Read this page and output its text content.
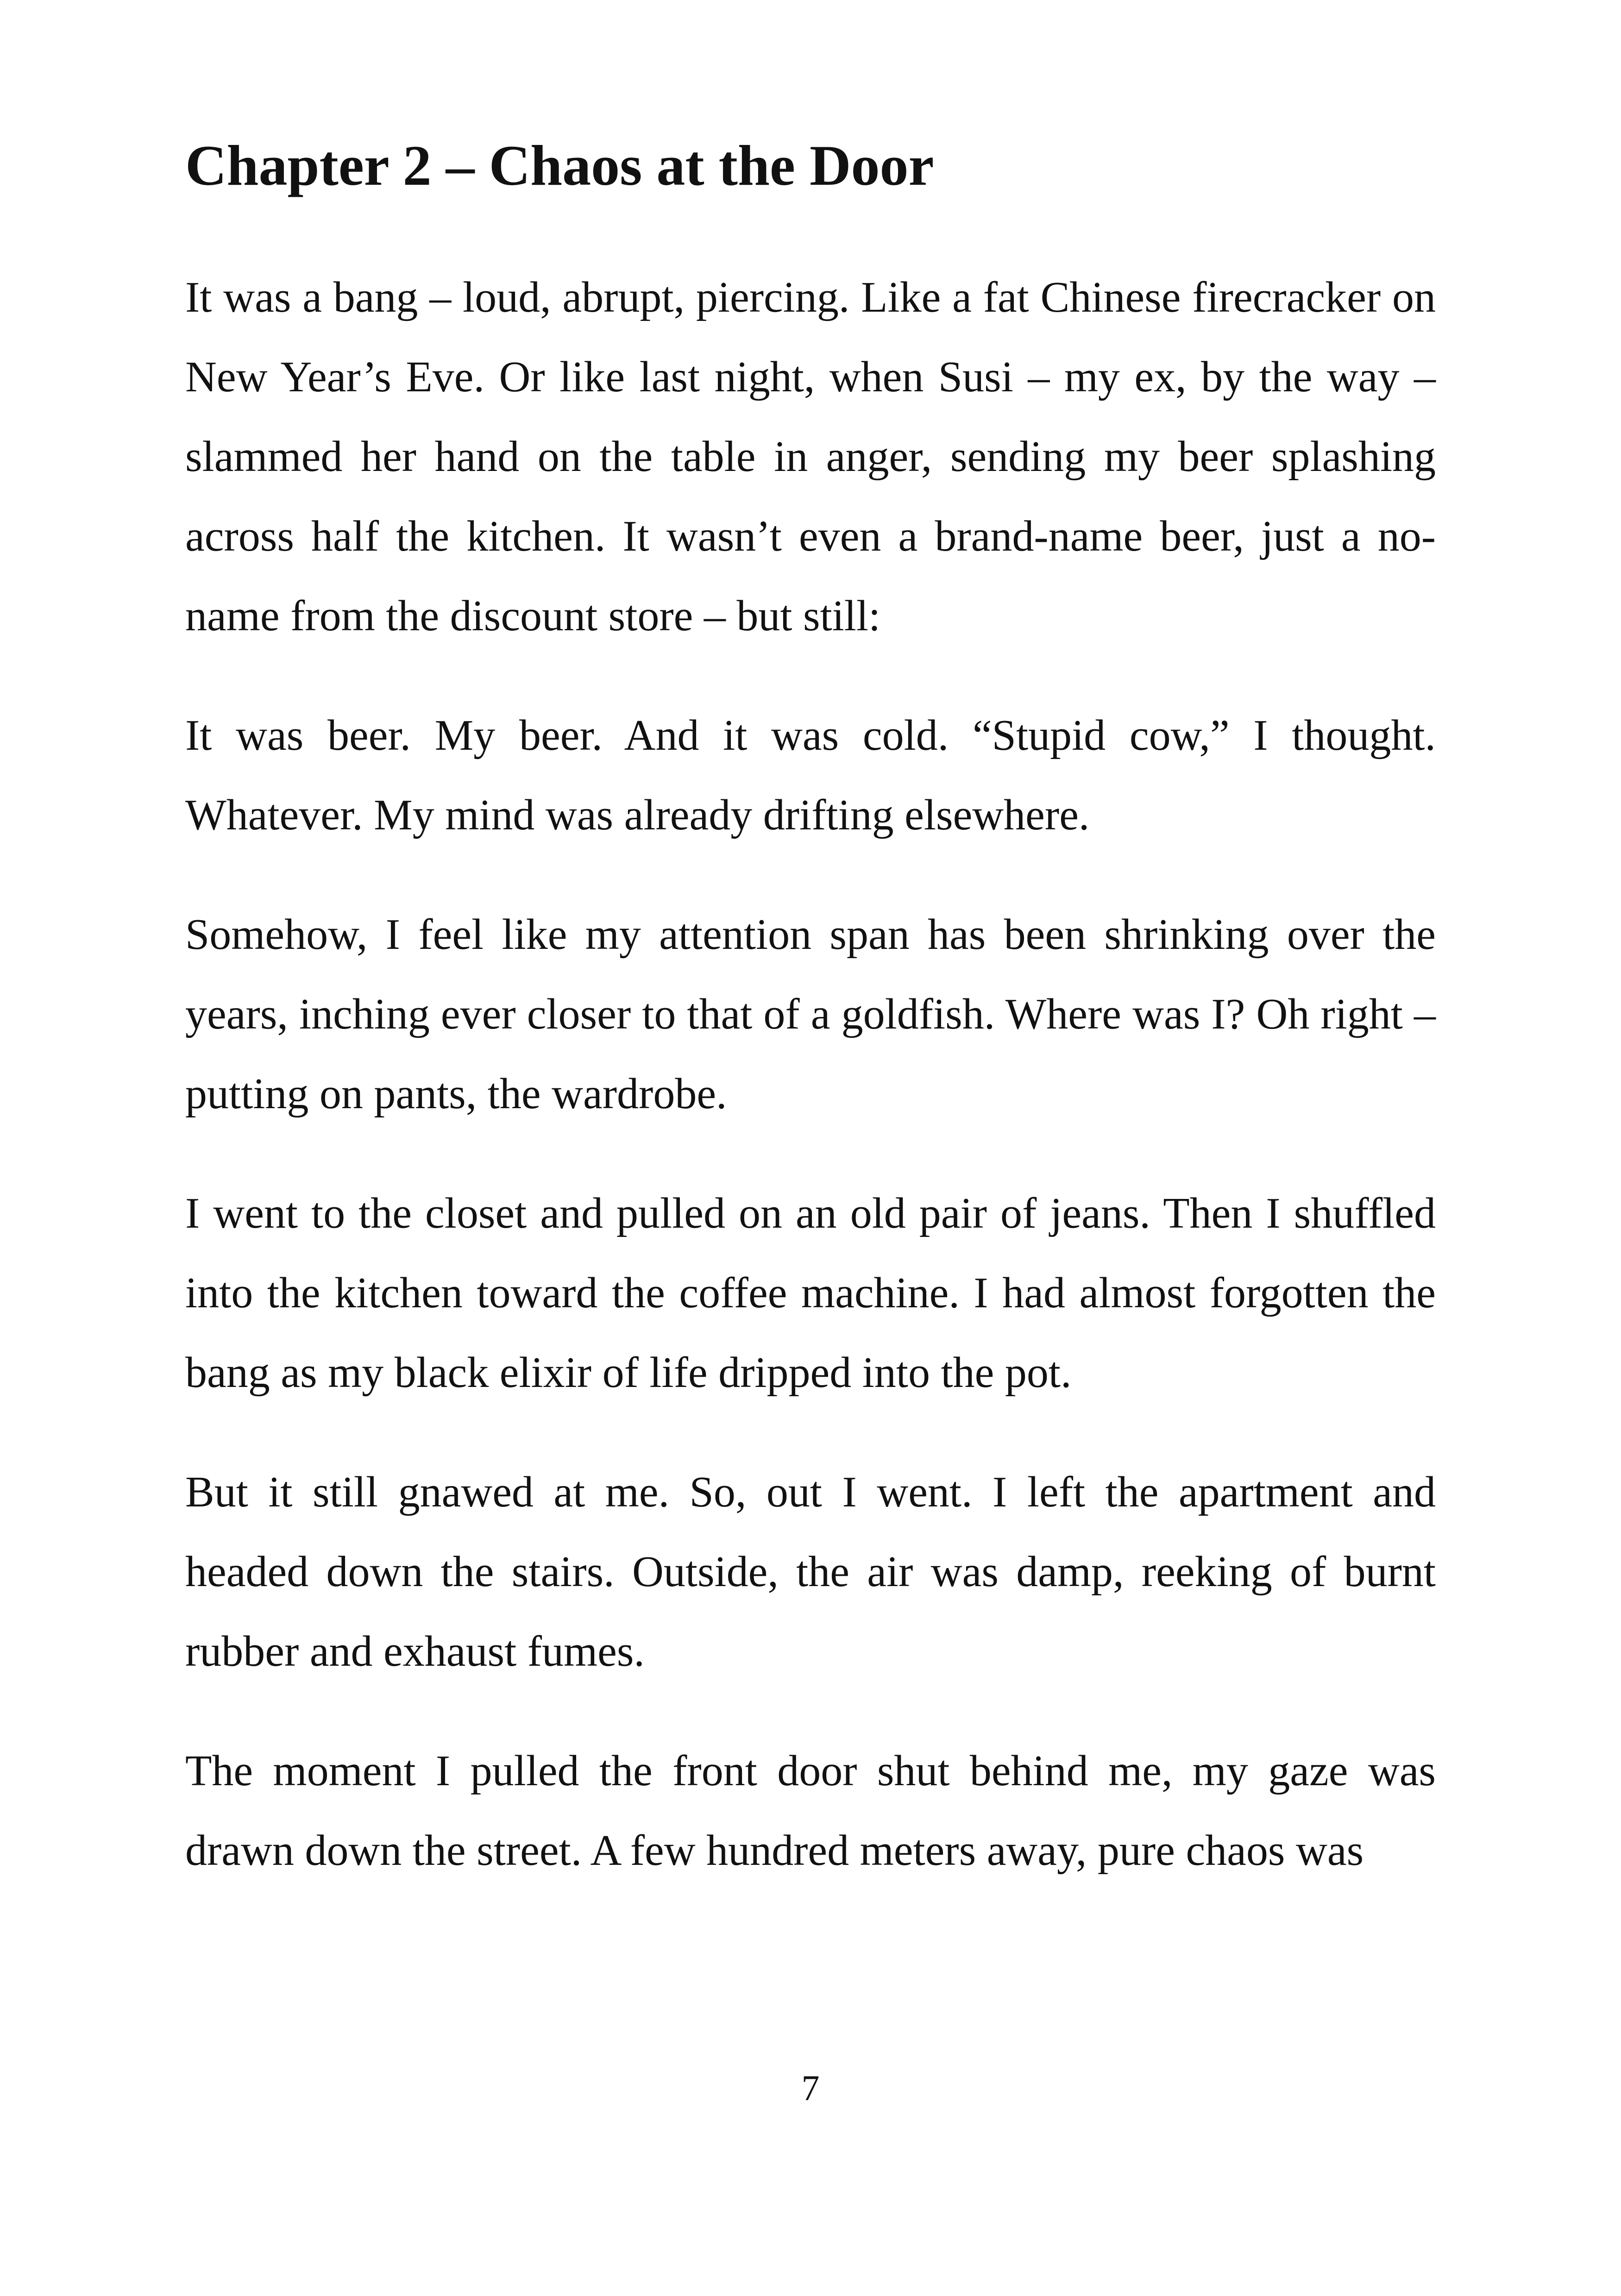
Chapter 2 – Chaos at the Door

It was a bang – loud, abrupt, piercing. Like a fat Chinese firecracker on New Year’s Eve. Or like last night, when Susi – my ex, by the way – slammed her hand on the table in anger, sending my beer splashing across half the kitchen. It wasn’t even a brand-name beer, just a no-name from the discount store – but still:

It was beer. My beer. And it was cold. “Stupid cow,” I thought. Whatever. My mind was already drifting elsewhere.

Somehow, I feel like my attention span has been shrinking over the years, inching ever closer to that of a goldfish. Where was I? Oh right – putting on pants, the wardrobe.

I went to the closet and pulled on an old pair of jeans. Then I shuffled into the kitchen toward the coffee machine. I had almost forgotten the bang as my black elixir of life dripped into the pot.

But it still gnawed at me. So, out I went. I left the apartment and headed down the stairs. Outside, the air was damp, reeking of burnt rubber and exhaust fumes.

The moment I pulled the front door shut behind me, my gaze was drawn down the street. A few hundred meters away, pure chaos was

7
